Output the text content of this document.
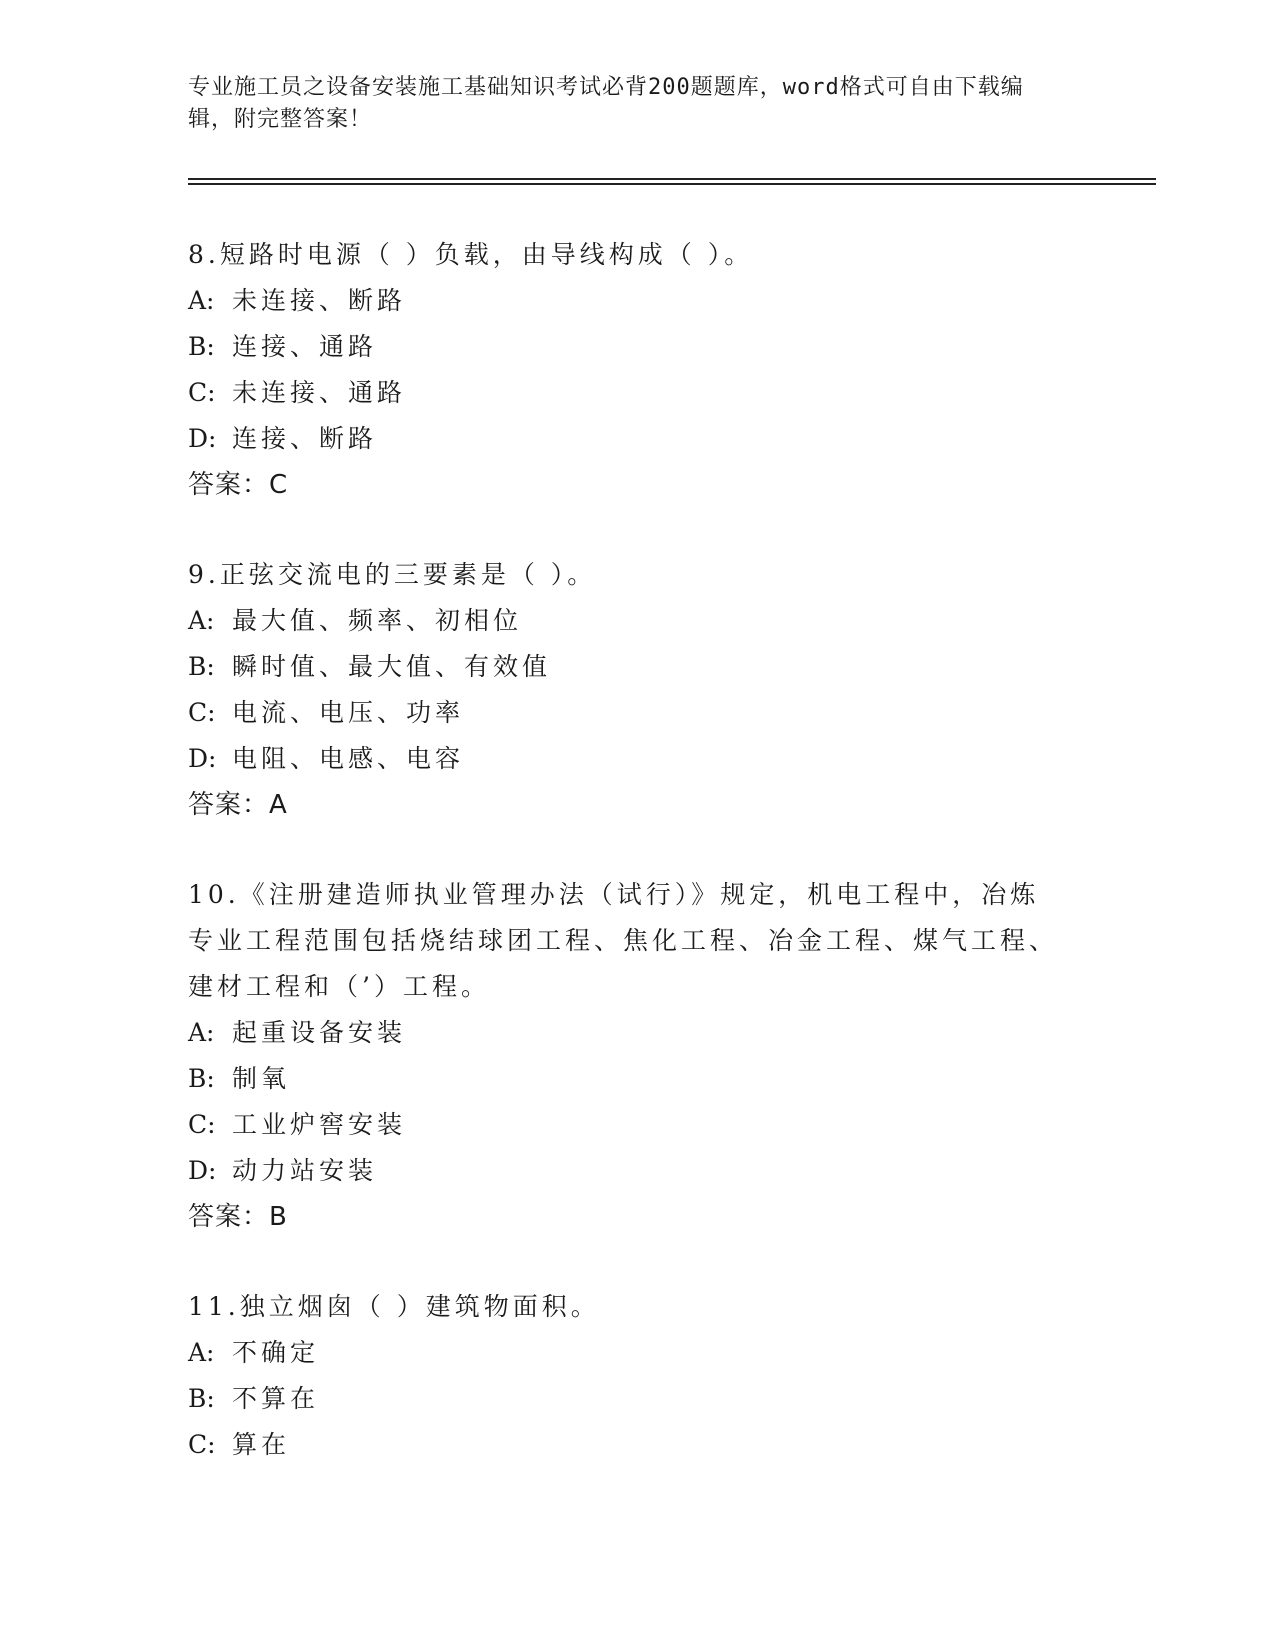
专业施工员之设备安装施工基础知识考试必背200题题库，word格式可自由下载编辑，附完整答案！
8.短路时电源（ ）负载，由导线构成（ ）。
A: 未连接、断路
B: 连接、通路
C: 未连接、通路
D: 连接、断路
答案：C
9.正弦交流电的三要素是（ ）。
A: 最大值、频率、初相位
B: 瞬时值、最大值、有效值
C: 电流、电压、功率
D: 电阻、电感、电容
答案：A
10.《注册建造师执业管理办法（试行）》规定，机电工程中，冶炼专业工程范围包括烧结球团工程、焦化工程、冶金工程、煤气工程、建材工程和（’）工程。
A: 起重设备安装
B: 制氧
C: 工业炉窖安装
D: 动力站安装
答案：B
11.独立烟囱（ ）建筑物面积。
A: 不确定
B: 不算在
C: 算在
